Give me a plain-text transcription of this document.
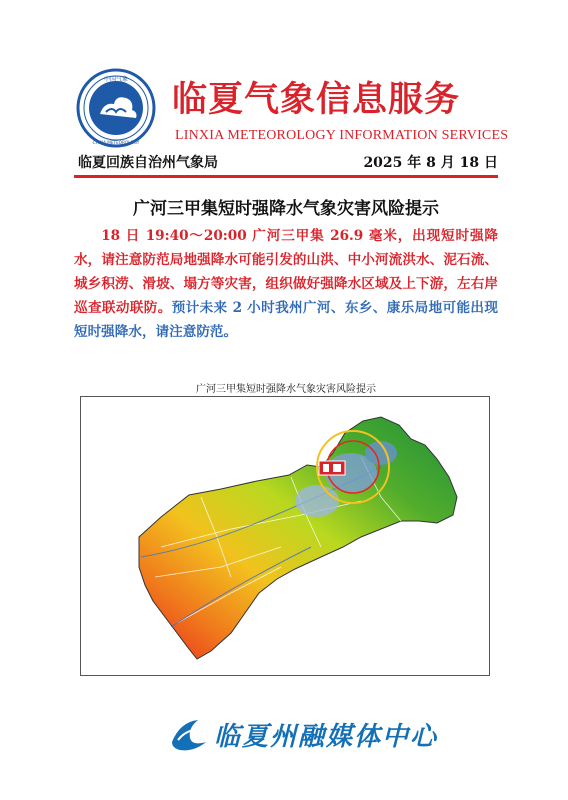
中国气象
CHINA METEOROLOGY
临夏气象信息服务
LINXIA METEOROLOGY INFORMATION SERVICES
临夏回族自治州气象局	2025 年 8 月 18 日
广河三甲集短时强降水气象灾害风险提示
18 日 19:40～20:00 广河三甲集 26.9 毫米，出现短时强降水，请注意防范局地强降水可能引发的山洪、中小河流洪水、泥石流、城乡积涝、滑坡、塌方等灾害，组织做好强降水区域及上下游，左右岸巡查联动联防。预计未来 2 小时我州广河、东乡、康乐局地可能出现短时强降水，请注意防范。
广河三甲集短时强降水气象灾害风险提示
临夏州融媒体中心
